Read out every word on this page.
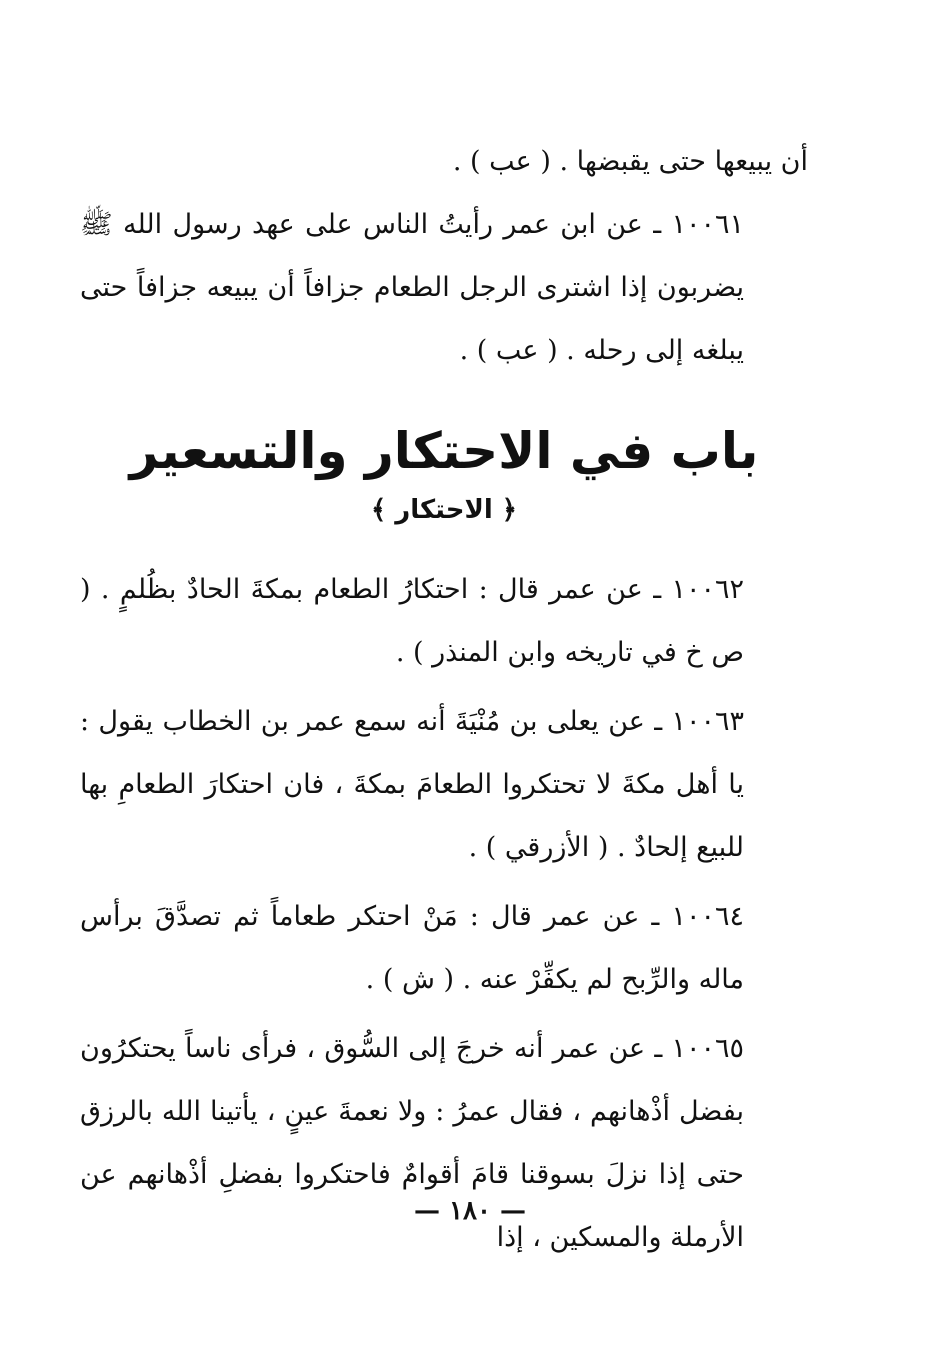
أن يبيعها حتى يقبضها . ( عب ) .

١٠٠٦١ ـ عن ابن عمر رأيتُ الناس على عهد رسول الله ﷺ يضربون إذا اشترى الرجل الطعام جزافاً أن يبيعه جزافاً حتى يبلغه إلى رحله . ( عب ) .

باب في الاحتكار والتسعير
﴿ الاحتكار ﴾

١٠٠٦٢ ـ عن عمر قال : احتكارُ الطعام بمكةَ الحادٌ بظُلمٍ . ( ص خ في تاريخه وابن المنذر ) .

١٠٠٦٣ ـ عن يعلى بن مُنْيَةَ أنه سمع عمر بن الخطاب يقول : يا أهل مكةَ لا تحتكروا الطعامَ بمكةَ ، فان احتكارَ الطعامِ بها للبيع إلحادٌ . ( الأزرقي ) .

١٠٠٦٤ ـ عن عمر قال : مَنْ احتكر طعاماً ثم تصدَّقَ برأس ماله والرِّبح لم يكفِّرْ عنه . ( ش ) .

١٠٠٦٥ ـ عن عمر أنه خرجَ إلى السُّوق ، فرأى ناساً يحتكرُون بفضل أذْهانهم ، فقال عمرُ : ولا نعمةَ عينٍ ، يأتينا الله بالرزق حتى إذا نزلَ بسوقنا قامَ أقوامٌ فاحتكروا بفضلِ أذْهانهم عن الأرملة والمسكين ، إذا

— ١٨٠ —
